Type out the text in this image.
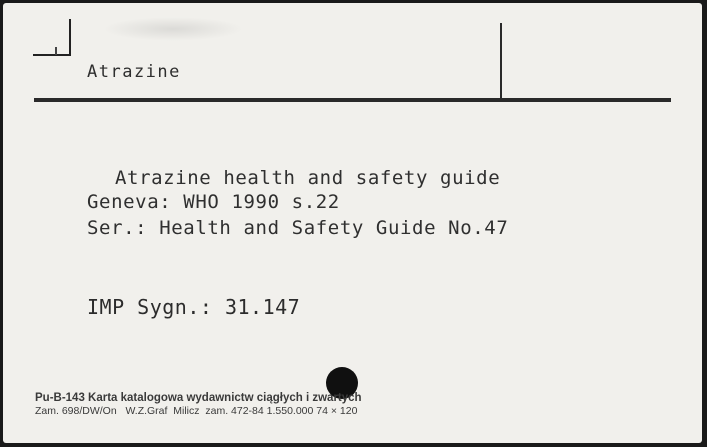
Atrazine
Atrazine health and safety guide
Geneva: WHO 1990 s.22
Ser.: Health and Safety Guide No.47
IMP Sygn.: 31.147
Pu-B-143 Karta katalogowa wydawnictw ciągłych i zwartych
Zam. 698/DW/On   W.Z.Graf  Milicz  zam. 472-84 1.550.000 74 × 120
